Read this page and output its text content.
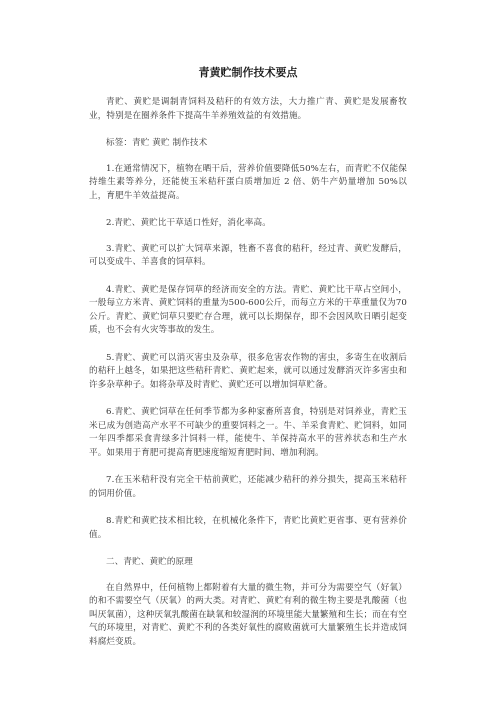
青黄贮制作技术要点

青贮、黄贮是调制青饲料及秸秆的有效方法，大力推广青、黄贮是发展畜牧业，特别是在圈养条件下提高牛羊养殖效益的有效措施。

标签：青贮 黄贮 制作技术

1.在通常情况下，植物在晒干后，营养价值要降低50%左右，而青贮不仅能保持维生素等养分，还能使玉米秸秆蛋白质增加近 2 倍、奶牛产奶量增加 50%以上，育肥牛羊效益提高。

2.青贮、黄贮比干草适口性好，消化率高。

3.青贮、黄贮可以扩大饲草来源，牲畜不喜食的秸秆，经过青、黄贮发酵后，可以变成牛、羊喜食的饲草料。

4.青贮、黄贮是保存饲草的经济而安全的方法。青贮、黄贮比干草占空间小，一般每立方米青、黄贮饲料的重量为500-600公斤，而每立方米的干草重量仅为70 公斤。青贮、黄贮饲草只要贮存合理，就可以长期保存，即不会因风吹日晒引起变质，也不会有火灾等事故的发生。

5.青贮、黄贮可以消灭害虫及杂草，很多危害农作物的害虫，多寄生在收割后的秸秆上越冬，如果把这些秸秆青贮、黄贮起来，就可以通过发酵消灭许多害虫和许多杂草种子。如将杂草及时青贮、黄贮还可以增加饲草贮备。

6.青贮、黄贮饲草在任何季节都为多种家畜所喜食，特别是对饲养业，青贮玉米已成为创造高产水平不可缺少的重要饲料之一。牛、羊采食青贮、贮饲料，如同一年四季都采食青绿多汁饲料一样，能使牛、羊保持高水平的营养状态和生产水平。如果用于育肥可提高育肥速度缩短育肥时间、增加利润。

7.在玉米秸秆没有完全干枯前黄贮，还能减少秸秆的养分损失，提高玉米秸秆的饲用价值。

8.青贮和黄贮技术相比较，在机械化条件下，青贮比黄贮更省事、更有营养价值。

二、青贮、黄贮的原理

在自然界中，任何植物上都附着有大量的微生物，并可分为需要空气（好氧）的和不需要空气（厌氧）的两大类。对青贮、黄贮有利的微生物主要是乳酸菌（也叫厌氧菌），这种厌氧乳酸菌在缺氧和较湿润的环境里能大量繁殖和生长；而在有空气的环境里，对青贮、黄贮不利的各类好氧性的腐败菌就可大量繁殖生长并造成饲料腐烂变质。
